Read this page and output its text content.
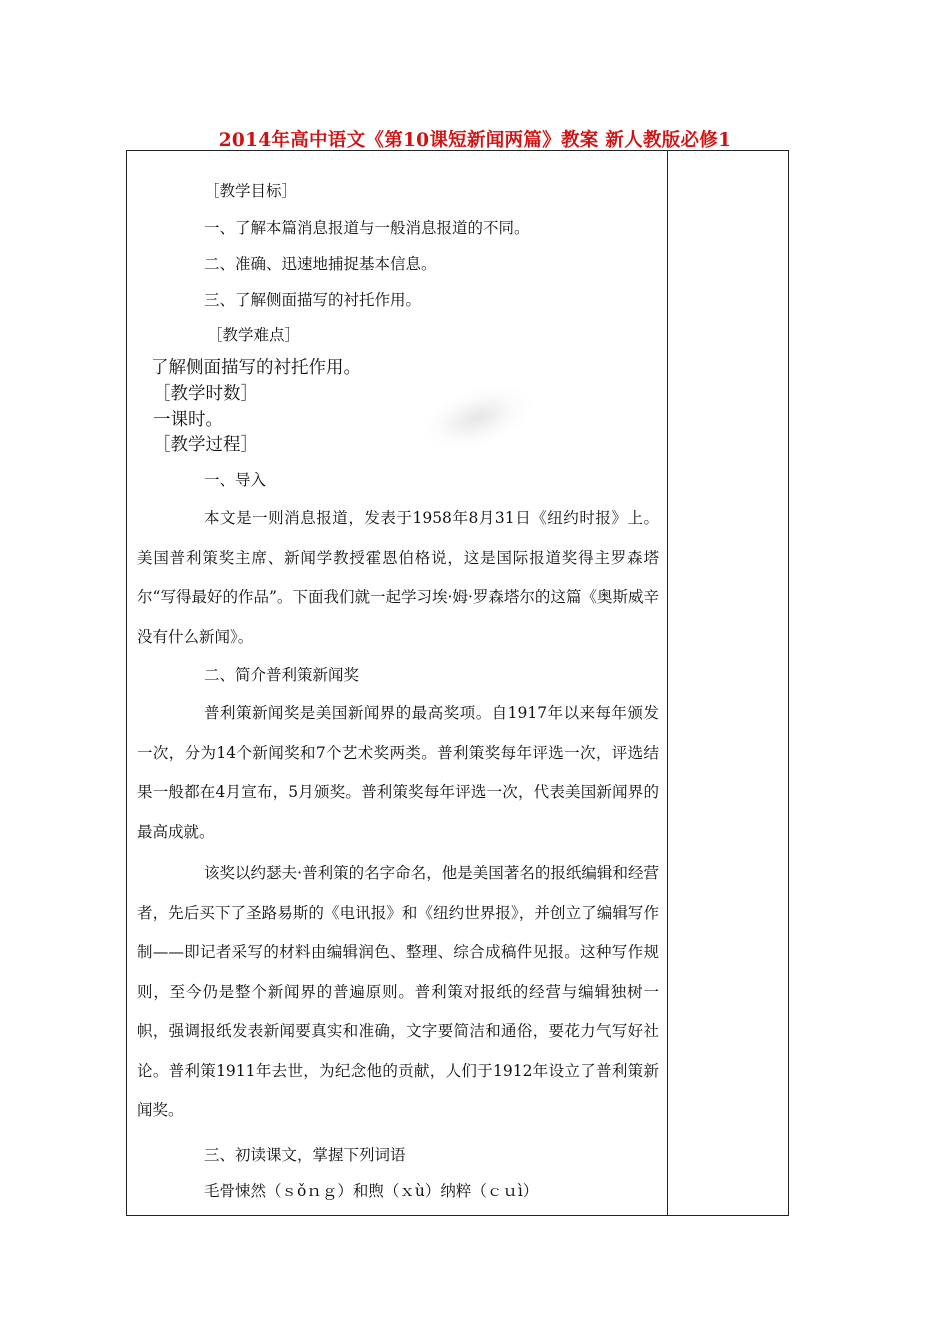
2014年高中语文《第10课短新闻两篇》教案 新人教版必修1
［教学目标］
一、了解本篇消息报道与一般消息报道的不同。
二、准确、迅速地捕捉基本信息。
三、了解侧面描写的衬托作用。
［教学难点］
了解侧面描写的衬托作用。
［教学时数］
一课时。
［教学过程］
一、导入
本文是一则消息报道，发表于1958年8月31日《纽约时报》上。美国普利策奖主席、新闻学教授霍恩伯格说，这是国际报道奖得主罗森塔尔“写得最好的作品”。下面我们就一起学习埃·姆·罗森塔尔的这篇《奥斯威辛没有什么新闻》。
二、简介普利策新闻奖
普利策新闻奖是美国新闻界的最高奖项。自1917年以来每年颁发一次，分为14个新闻奖和7个艺术奖两类。普利策奖每年评选一次，评选结果一般都在4月宣布，5月颁奖。普利策奖每年评选一次，代表美国新闻界的最高成就。
该奖以约瑟夫·普利策的名字命名，他是美国著名的报纸编辑和经营者，先后买下了圣路易斯的《电讯报》和《纽约世界报》，并创立了编辑写作制——即记者采写的材料由编辑润色、整理、综合成稿件见报。这种写作规则，至今仍是整个新闻界的普遍原则。普利策对报纸的经营与编辑独树一帜，强调报纸发表新闻要真实和准确，文字要简洁和通俗，要花力气写好社论。普利策1911年去世，为纪念他的贡献，人们于1912年设立了普利策新闻奖。
三、初读课文，掌握下列词语
毛骨悚然（ｓǒｎｇ）和煦（ｘù）纳粹（ｃｕì）
